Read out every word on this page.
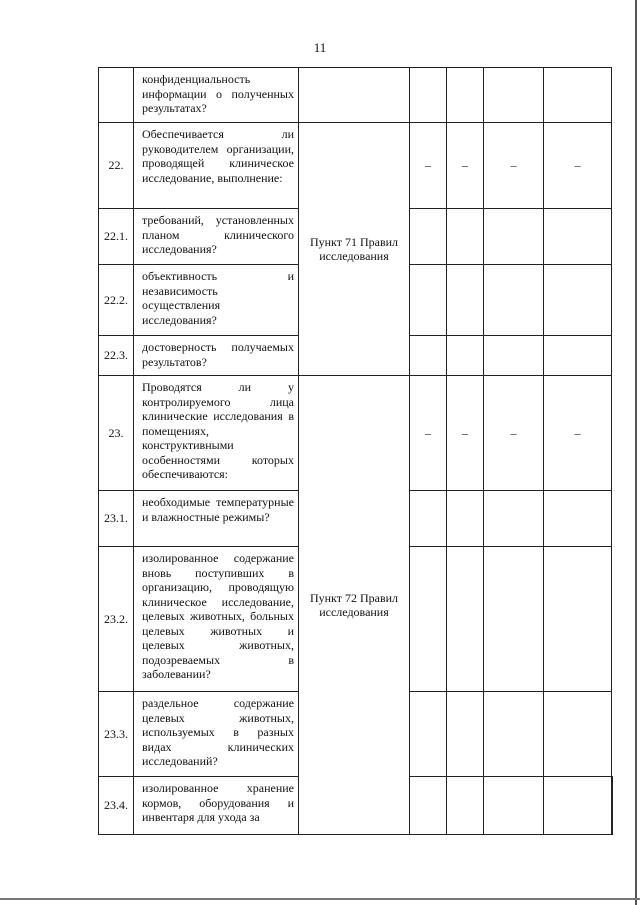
11
	конфиденциальность информации о полученных результатах?						
22.	Обеспечивается ли руководителем организации, проводящей клиническое исследование, выполнение:	Пункт 71 Правил исследования	–	–	–	–	
22.1.	требований, установленных планом клинического исследования?						
22.2.	объективность и независимость осуществления исследования?						
22.3.	достоверность получаемых результатов?						
23.	Проводятся ли у контролируемого лица клинические исследования в помещениях, конструктивными особенностями которых обеспечиваются:	Пункт 72 Правил исследования	–	–	–	–	
23.1.	необходимые температурные и влажностные режимы?						
23.2.	изолированное содержание вновь поступивших в организацию, проводящую клиническое исследование, целевых животных, больных целевых животных и целевых животных, подозреваемых в заболевании?						
23.3.	раздельное содержание целевых животных, используемых в разных видах клинических исследований?						
23.4.	изолированное хранение кормов, оборудования и инвентаря для ухода за						
